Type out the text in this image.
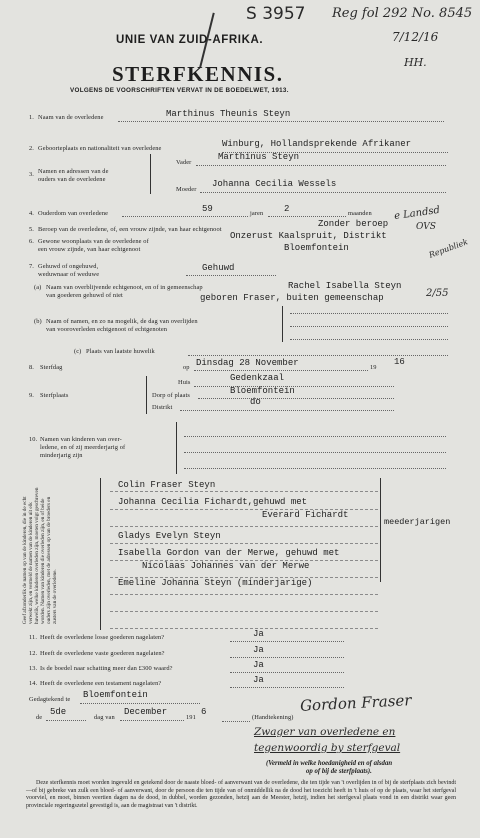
S 3957 Reg fol 292 No. 8545
7/12/16
HH.
UNIE VAN ZUID-AFRIKA.
STERFKENNIS.
VOLGENS DE VOORSCHRIFTEN VERVAT IN DE BOEDELWET, 1913.
1. Naam van de overledene	Marthinus Theunis Steyn
2. Geboorteplaats en nationaliteit van overledene	Winburg, Hollandsprekende Afrikaner
3. Namen en adressen van de
ouders van de overledene
Vader
Marthinus Steyn
Moeder
Johanna Cecilia Wessels
4. Ouderdom van overledene	59	jaren 2	maanden
5. Beroep van de overledene, of, een vrouw zijnde, van haar echtgenoot
Zonder beroep
e Landsd
6. Gewone woonplaats van de overledene of
een vrouw zijnde, van haar echtgenoot
Onzerust Kaalspruit, Distrikt
Bloemfontein
OVS
Republiek
7. Gehuwd of ongehuwd,
weduwnaar of weduwe
Gehuwd
(a) Naam van overblijvende echtgenoot, en of in gemeenschap
van goederen gehuwd of niet
Rachel Isabella Steyn
geboren Fraser, buiten gemeenschap	2/55
(b) Naam of namen, en zo na mogelik, de dag van overlijden
van vooroverleden echtgenoot of echtgenoten
(c) Plaats van laatste huwelik
8. Sterfdag	op Dinsdag 28 November	19
16
9. Sterfplaats
Huis	Gedenkzaal
Dorp of plaats	Bloemfontein
Distrikt
do
10. Namen van kinderen van over-
ledene, en of zij meerderjarig of
minderjarig zijn
Geef afzonderlik de namen op van de kinderen, die in de echt verwekt zijn, en vermeld de namen van de kinderen uit elk huwelik, welke kinderen overleden zijn, moeten volgt geschreven worden. Namen van kinderen die overleden zijn, en of beide ouders zijn overleden, met de adressen op van de broeders en zusters van de overledene.
Colin Fraser Steyn
Johanna Cecilia Fichardt,gehuwd met
Everard Fichardt
Gladys Evelyn Steyn
Isabella Gordon van der Merwe, gehuwd met
Nicolaas Johannes van der Merwe
Emeline Johanna Steyn (minderjarige)
meederjarigen
11. Heeft de overledene losse goederen nagelaten?	Ja
12. Heeft de overledene vaste goederen nagelaten?	Ja
13. Is de boedel naar schatting meer dan £300 waard?	Ja
14. Heeft de overledene een testament nagelaten?	Ja
Gedagtekend te Bloemfontein
de
5de
dag van
December
191
6
(Handtekening)
Gordon Fraser
Zwager van overledene en
tegenwoordig by sterfgeval
(Vermeld in welke hoedanigheid en of alsdan
op of bij de sterfplaats).
Deze sterfkennis moet worden ingevuld en getekend door de naaste bloed- of aanverwant van de overledene, die ten tijde van 't overlijden in of bij de sterfplaats zich bevindt—of bij gebreke van zulk een bloed- of aanverwant, door de persoon die ten tijde van of onmiddellik na de dood het toezicht heeft in 't huis of op de plaats, waar het sterfgeval voorviel, en moet, binnen veertien dagen na de dood, in dubbel, worden gezonden, hetzij aan de Meester, hetzij, indien het sterfgeval plaats vond in een distrikt waar geen provinciale regeringszetel gevestigd is, aan de magistraat van 't distrikt.
